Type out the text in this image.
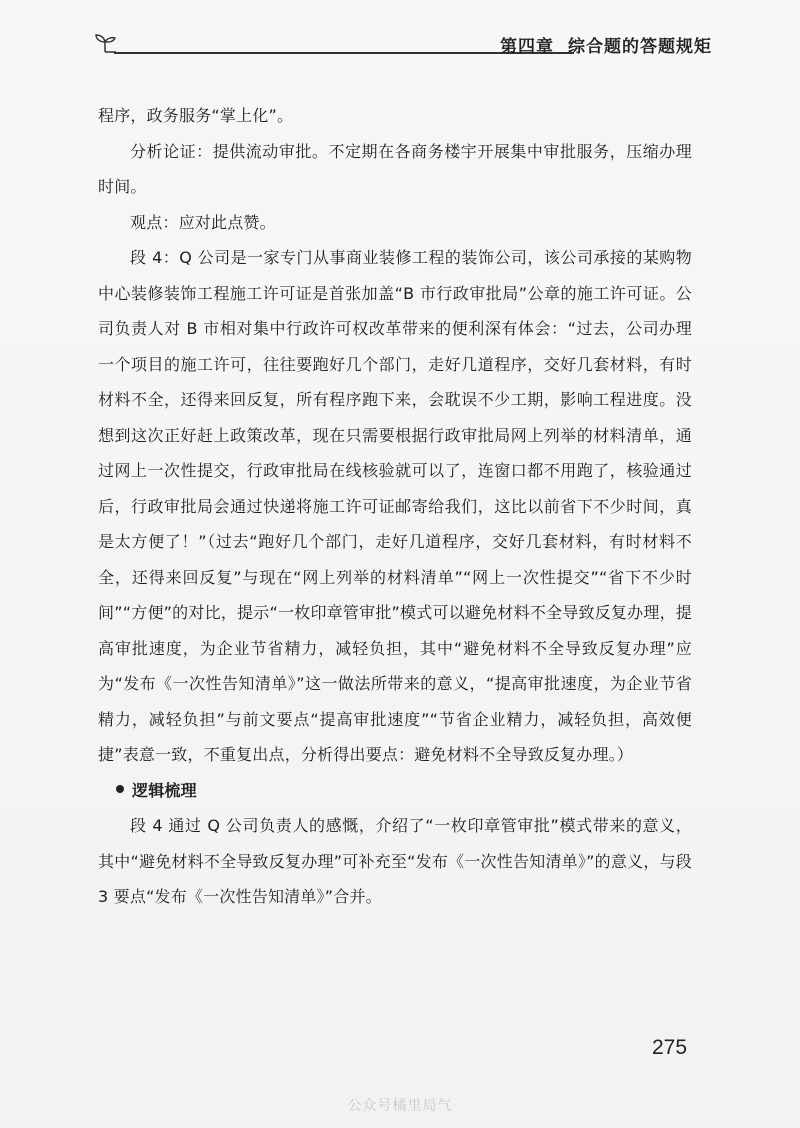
第四章 综合题的答题规矩

程序，政务服务“掌上化”。

分析论证：提供流动审批。不定期在各商务楼宇开展集中审批服务，压缩办理时间。

观点：应对此点赞。

段 4：Q 公司是一家专门从事商业装修工程的装饰公司，该公司承接的某购物中心装修装饰工程施工许可证是首张加盖“B 市行政审批局”公章的施工许可证。公司负责人对 B 市相对集中行政许可权改革带来的便利深有体会：“过去，公司办理一个项目的施工许可，往往要跑好几个部门，走好几道程序，交好几套材料，有时材料不全，还得来回反复，所有程序跑下来，会耽误不少工期，影响工程进度。没想到这次正好赶上政策改革，现在只需要根据行政审批局网上列举的材料清单，通过网上一次性提交，行政审批局在线核验就可以了，连窗口都不用跑了，核验通过后，行政审批局会通过快递将施工许可证邮寄给我们，这比以前省下不少时间，真是太方便了！”（过去“跑好几个部门，走好几道程序，交好几套材料，有时材料不全，还得来回反复”与现在“网上列举的材料清单”“网上一次性提交”“省下不少时间”“方便”的对比，提示“一枚印章管审批”模式可以避免材料不全导致反复办理，提高审批速度，为企业节省精力，减轻负担，其中“避免材料不全导致反复办理”应为“发布《一次性告知清单》”这一做法所带来的意义，“提高审批速度，为企业节省精力，减轻负担”与前文要点“提高审批速度”“节省企业精力，减轻负担，高效便捷”表意一致，不重复出点，分析得出要点：避免材料不全导致反复办理。）

逻辑梳理

段 4 通过 Q 公司负责人的感慨，介绍了“一枚印章管审批”模式带来的意义，其中“避免材料不全导致反复办理”可补充至“发布《一次性告知清单》”的意义，与段 3 要点“发布《一次性告知清单》”合并。

275
公众号橘里局气
